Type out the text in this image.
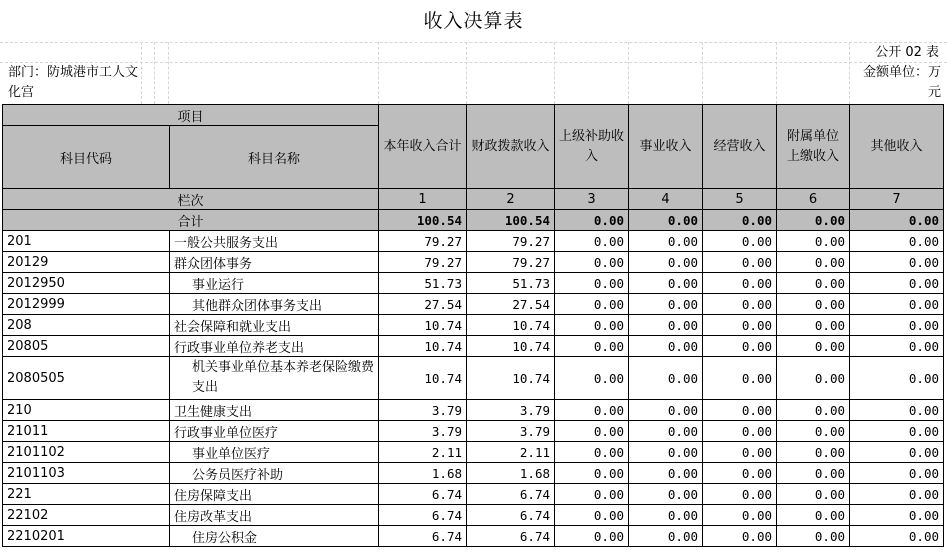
收入决算表
公开 02 表
部门：防城港市工人文化宫
金额单位：万元
项目		本年收入合计	财政拨款收入	上级补助收入	事业收入	经营收入	附属单位上缴收入	其他收入
科目代码	科目名称							
栏次		1	2	3	4	5	6	7
合计		100.54	100.54	0.00	0.00	0.00	0.00	0.00
201	一般公共服务支出	79.27	79.27	0.00	0.00	0.00	0.00	0.00
20129	群众团体事务	79.27	79.27	0.00	0.00	0.00	0.00	0.00
2012950	事业运行	51.73	51.73	0.00	0.00	0.00	0.00	0.00
2012999	其他群众团体事务支出	27.54	27.54	0.00	0.00	0.00	0.00	0.00
208	社会保障和就业支出	10.74	10.74	0.00	0.00	0.00	0.00	0.00
20805	行政事业单位养老支出	10.74	10.74	0.00	0.00	0.00	0.00	0.00
2080505	机关事业单位基本养老保险缴费支出	10.74	10.74	0.00	0.00	0.00	0.00	0.00
210	卫生健康支出	3.79	3.79	0.00	0.00	0.00	0.00	0.00
21011	行政事业单位医疗	3.79	3.79	0.00	0.00	0.00	0.00	0.00
2101102	事业单位医疗	2.11	2.11	0.00	0.00	0.00	0.00	0.00
2101103	公务员医疗补助	1.68	1.68	0.00	0.00	0.00	0.00	0.00
221	住房保障支出	6.74	6.74	0.00	0.00	0.00	0.00	0.00
22102	住房改革支出	6.74	6.74	0.00	0.00	0.00	0.00	0.00
2210201	住房公积金	6.74	6.74	0.00	0.00	0.00	0.00	0.00
